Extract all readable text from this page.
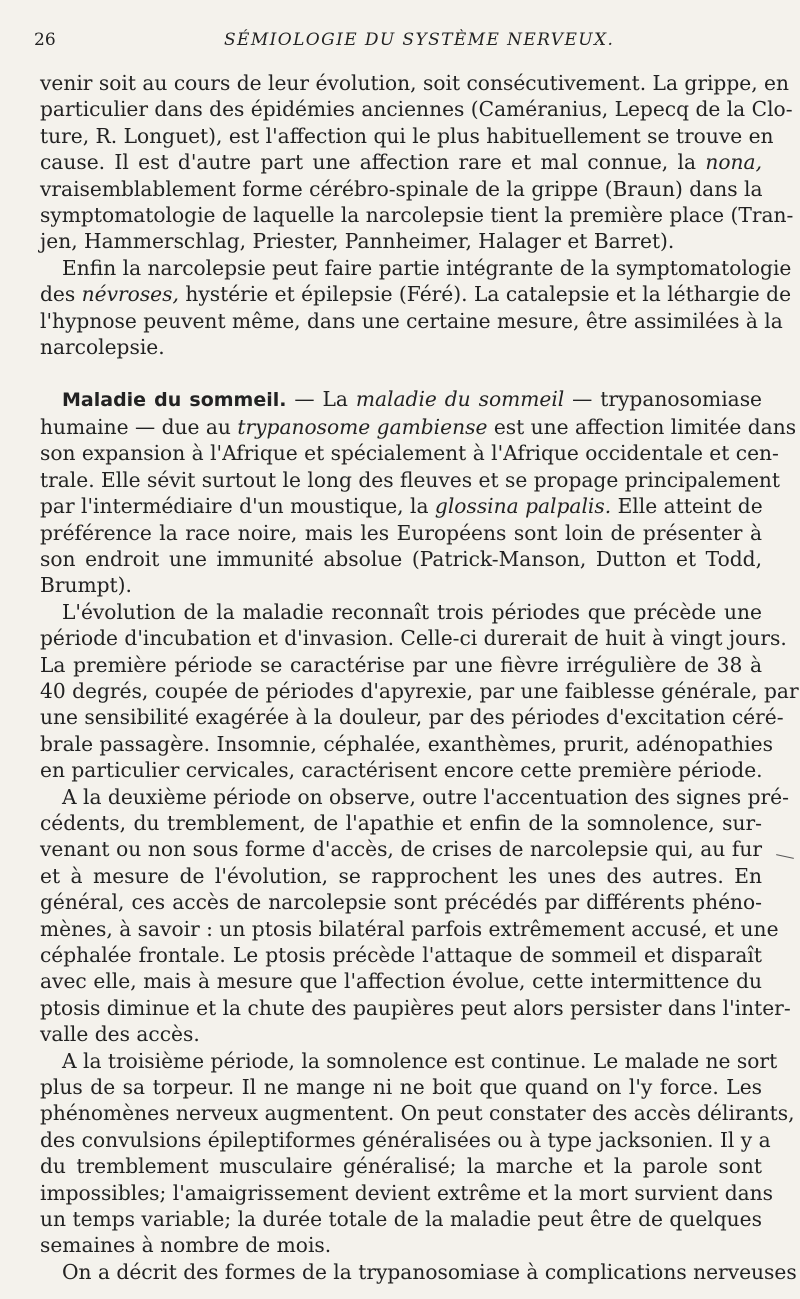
26	SÉMIOLOGIE DU SYSTÈME NERVEUX.
venir soit au cours de leur évolution, soit consécutivement. La grippe, en
particulier dans des épidémies anciennes (Caméranius, Lepecq de la Clo-
ture, R. Longuet), est l'affection qui le plus habituellement se trouve en
cause. Il est d'autre part une affection rare et mal connue, la nona,
vraisemblablement forme cérébro-spinale de la grippe (Braun) dans la
symptomatologie de laquelle la narcolepsie tient la première place (Tran-
jen, Hammerschlag, Priester, Pannheimer, Halager et Barret).
Enfin la narcolepsie peut faire partie intégrante de la symptomatologie
des névroses, hystérie et épilepsie (Féré). La catalepsie et la léthargie de
l'hypnose peuvent même, dans une certaine mesure, être assimilées à la
narcolepsie.
Maladie du sommeil. — La maladie du sommeil — trypanosomiase
humaine — due au trypanosome gambiense est une affection limitée dans
son expansion à l'Afrique et spécialement à l'Afrique occidentale et cen-
trale. Elle sévit surtout le long des fleuves et se propage principalement
par l'intermédiaire d'un moustique, la glossina palpalis. Elle atteint de
préférence la race noire, mais les Européens sont loin de présenter à
son endroit une immunité absolue (Patrick-Manson, Dutton et Todd,
Brumpt).
L'évolution de la maladie reconnaît trois périodes que précède une
période d'incubation et d'invasion. Celle-ci durerait de huit à vingt jours.
La première période se caractérise par une fièvre irrégulière de 38 à
40 degrés, coupée de périodes d'apyrexie, par une faiblesse générale, par
une sensibilité exagérée à la douleur, par des périodes d'excitation céré-
brale passagère. Insomnie, céphalée, exanthèmes, prurit, adénopathies
en particulier cervicales, caractérisent encore cette première période.
A la deuxième période on observe, outre l'accentuation des signes pré-
cédents, du tremblement, de l'apathie et enfin de la somnolence, sur-
venant ou non sous forme d'accès, de crises de narcolepsie qui, au fur
et à mesure de l'évolution, se rapprochent les unes des autres. En
général, ces accès de narcolepsie sont précédés par différents phéno-
mènes, à savoir : un ptosis bilatéral parfois extrêmement accusé, et une
céphalée frontale. Le ptosis précède l'attaque de sommeil et disparaît
avec elle, mais à mesure que l'affection évolue, cette intermittence du
ptosis diminue et la chute des paupières peut alors persister dans l'inter-
valle des accès.
A la troisième période, la somnolence est continue. Le malade ne sort
plus de sa torpeur. Il ne mange ni ne boit que quand on l'y force. Les
phénomènes nerveux augmentent. On peut constater des accès délirants,
des convulsions épileptiformes généralisées ou à type jacksonien. Il y a
du tremblement musculaire généralisé; la marche et la parole sont
impossibles; l'amaigrissement devient extrême et la mort survient dans
un temps variable; la durée totale de la maladie peut être de quelques
semaines à nombre de mois.
On a décrit des formes de la trypanosomiase à complications nerveuses
